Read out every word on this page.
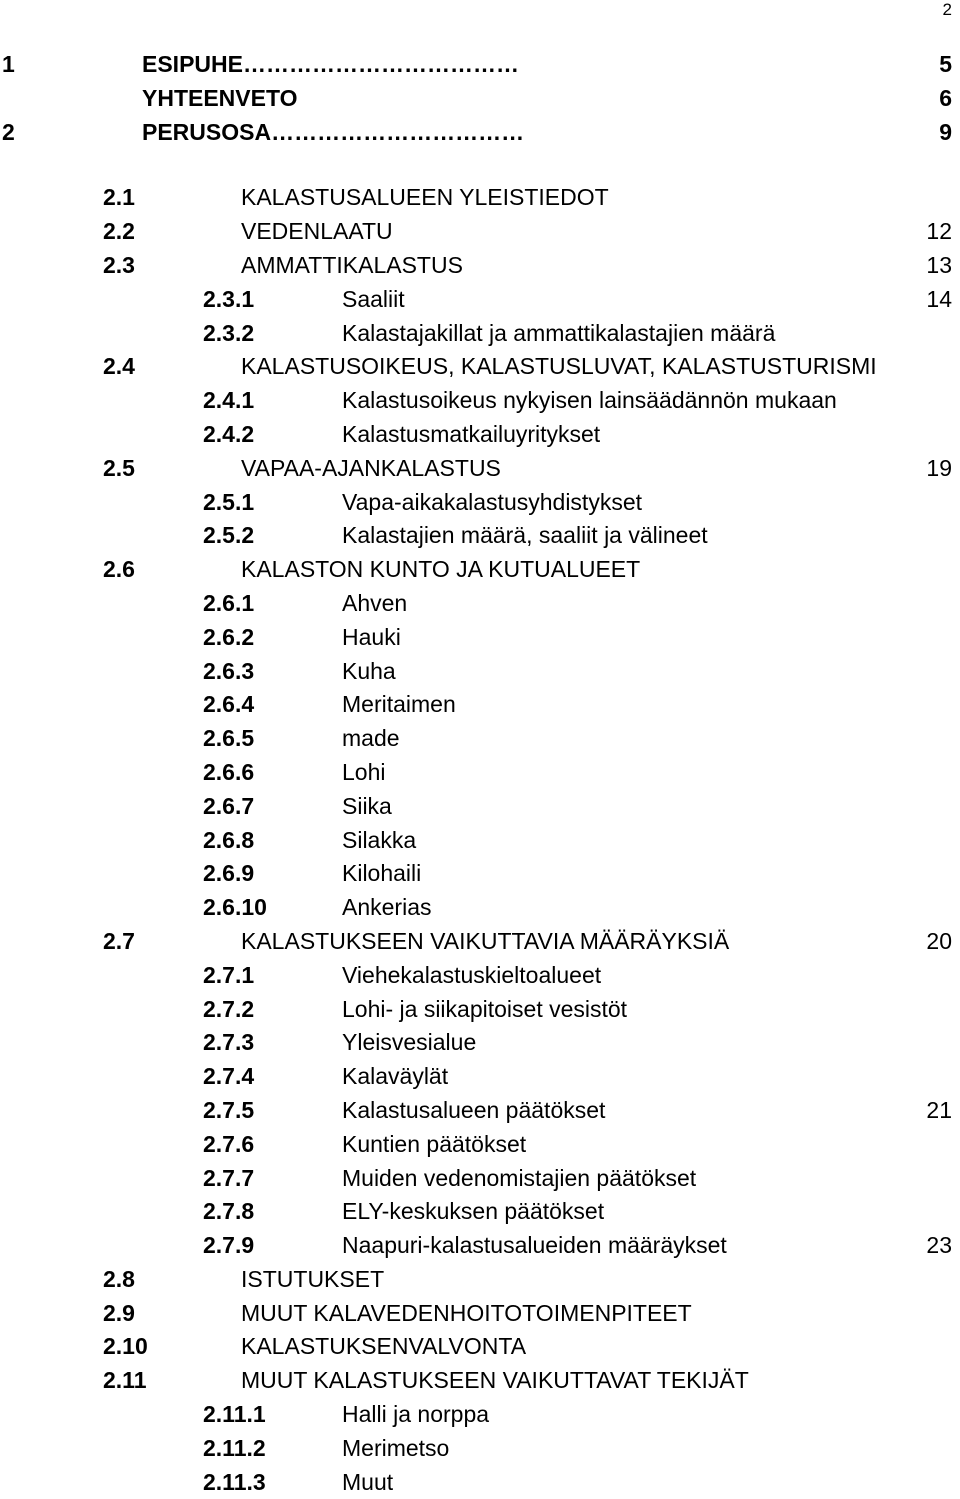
2
1	ESIPUHE………………………………	5
YHTEENVETO	6
2	PERUSOSA……………………………	9
2.1	KALASTUSALUEEN YLEISTIEDOT
2.2	VEDENLAATU	12
2.3	AMMATTIKALASTUS	13
2.3.1	Saaliit	14
2.3.2	Kalastajakillat ja ammattikalastajien määrä
2.4	KALASTUSOIKEUS, KALASTUSLUVAT, KALASTUSTURISMI
2.4.1	Kalastusoikeus nykyisen lainsäädännön mukaan
2.4.2	Kalastusmatkailuyritykset
2.5	VAPAA-AJANKALASTUS	19
2.5.1	Vapa-aikakalastusyhdistykset
2.5.2	Kalastajien määrä, saaliit ja välineet
2.6	KALASTON KUNTO JA KUTUALUEET
2.6.1	Ahven
2.6.2	Hauki
2.6.3	Kuha
2.6.4	Meritaimen
2.6.5	made
2.6.6	Lohi
2.6.7	Siika
2.6.8	Silakka
2.6.9	Kilohaili
2.6.10	Ankerias
2.7	KALASTUKSEEN VAIKUTTAVIA MÄÄRÄYKSIÄ	20
2.7.1	Viehekalastuskieltoalueet
2.7.2	Lohi- ja siikapitoiset vesistöt
2.7.3	Yleisvesialue
2.7.4	Kalaväylät
2.7.5	Kalastusalueen päätökset	21
2.7.6	Kuntien päätökset
2.7.7	Muiden vedenomistajien päätökset
2.7.8	ELY-keskuksen päätökset
2.7.9	Naapuri-kalastusalueiden määräykset	23
2.8	ISTUTUKSET
2.9	MUUT KALAVEDENHOITOTOIMENPITEET
2.10	KALASTUKSENVALVONTA
2.11	MUUT KALASTUKSEEN VAIKUTTAVAT TEKIJÄT
2.11.1	Halli ja norppa
2.11.2	Merimetso
2.11.3	Muut
